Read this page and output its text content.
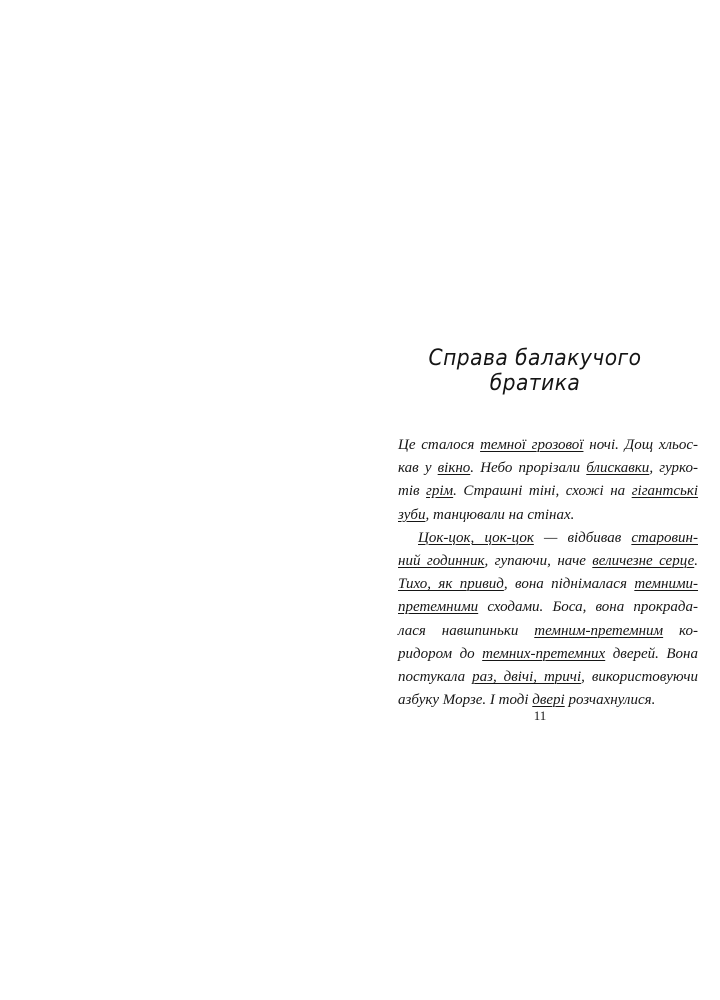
Справа балакучого братика
Це сталося темної грозової ночі. Дощ хльос-
кав у вікно. Небо прорізали блискавки, гурко-
тів грім. Страшні тіні, схожі на гігантські
зуби, танцювали на стінах.
Цок-цок, цок-цок — відбивав старовин-
ний годинник, гупаючи, наче величезне серце.
Тихо, як привид, вона піднімалася темними-
претемними сходами. Боса, вона прокрада-
лася навшпиньки темним-претемним ко-
ридором до темних-претемних дверей. Вона
постукала раз, двічі, тричі, використовуючи
азбуку Морзе. І тоді двері розчахнулися.
11
